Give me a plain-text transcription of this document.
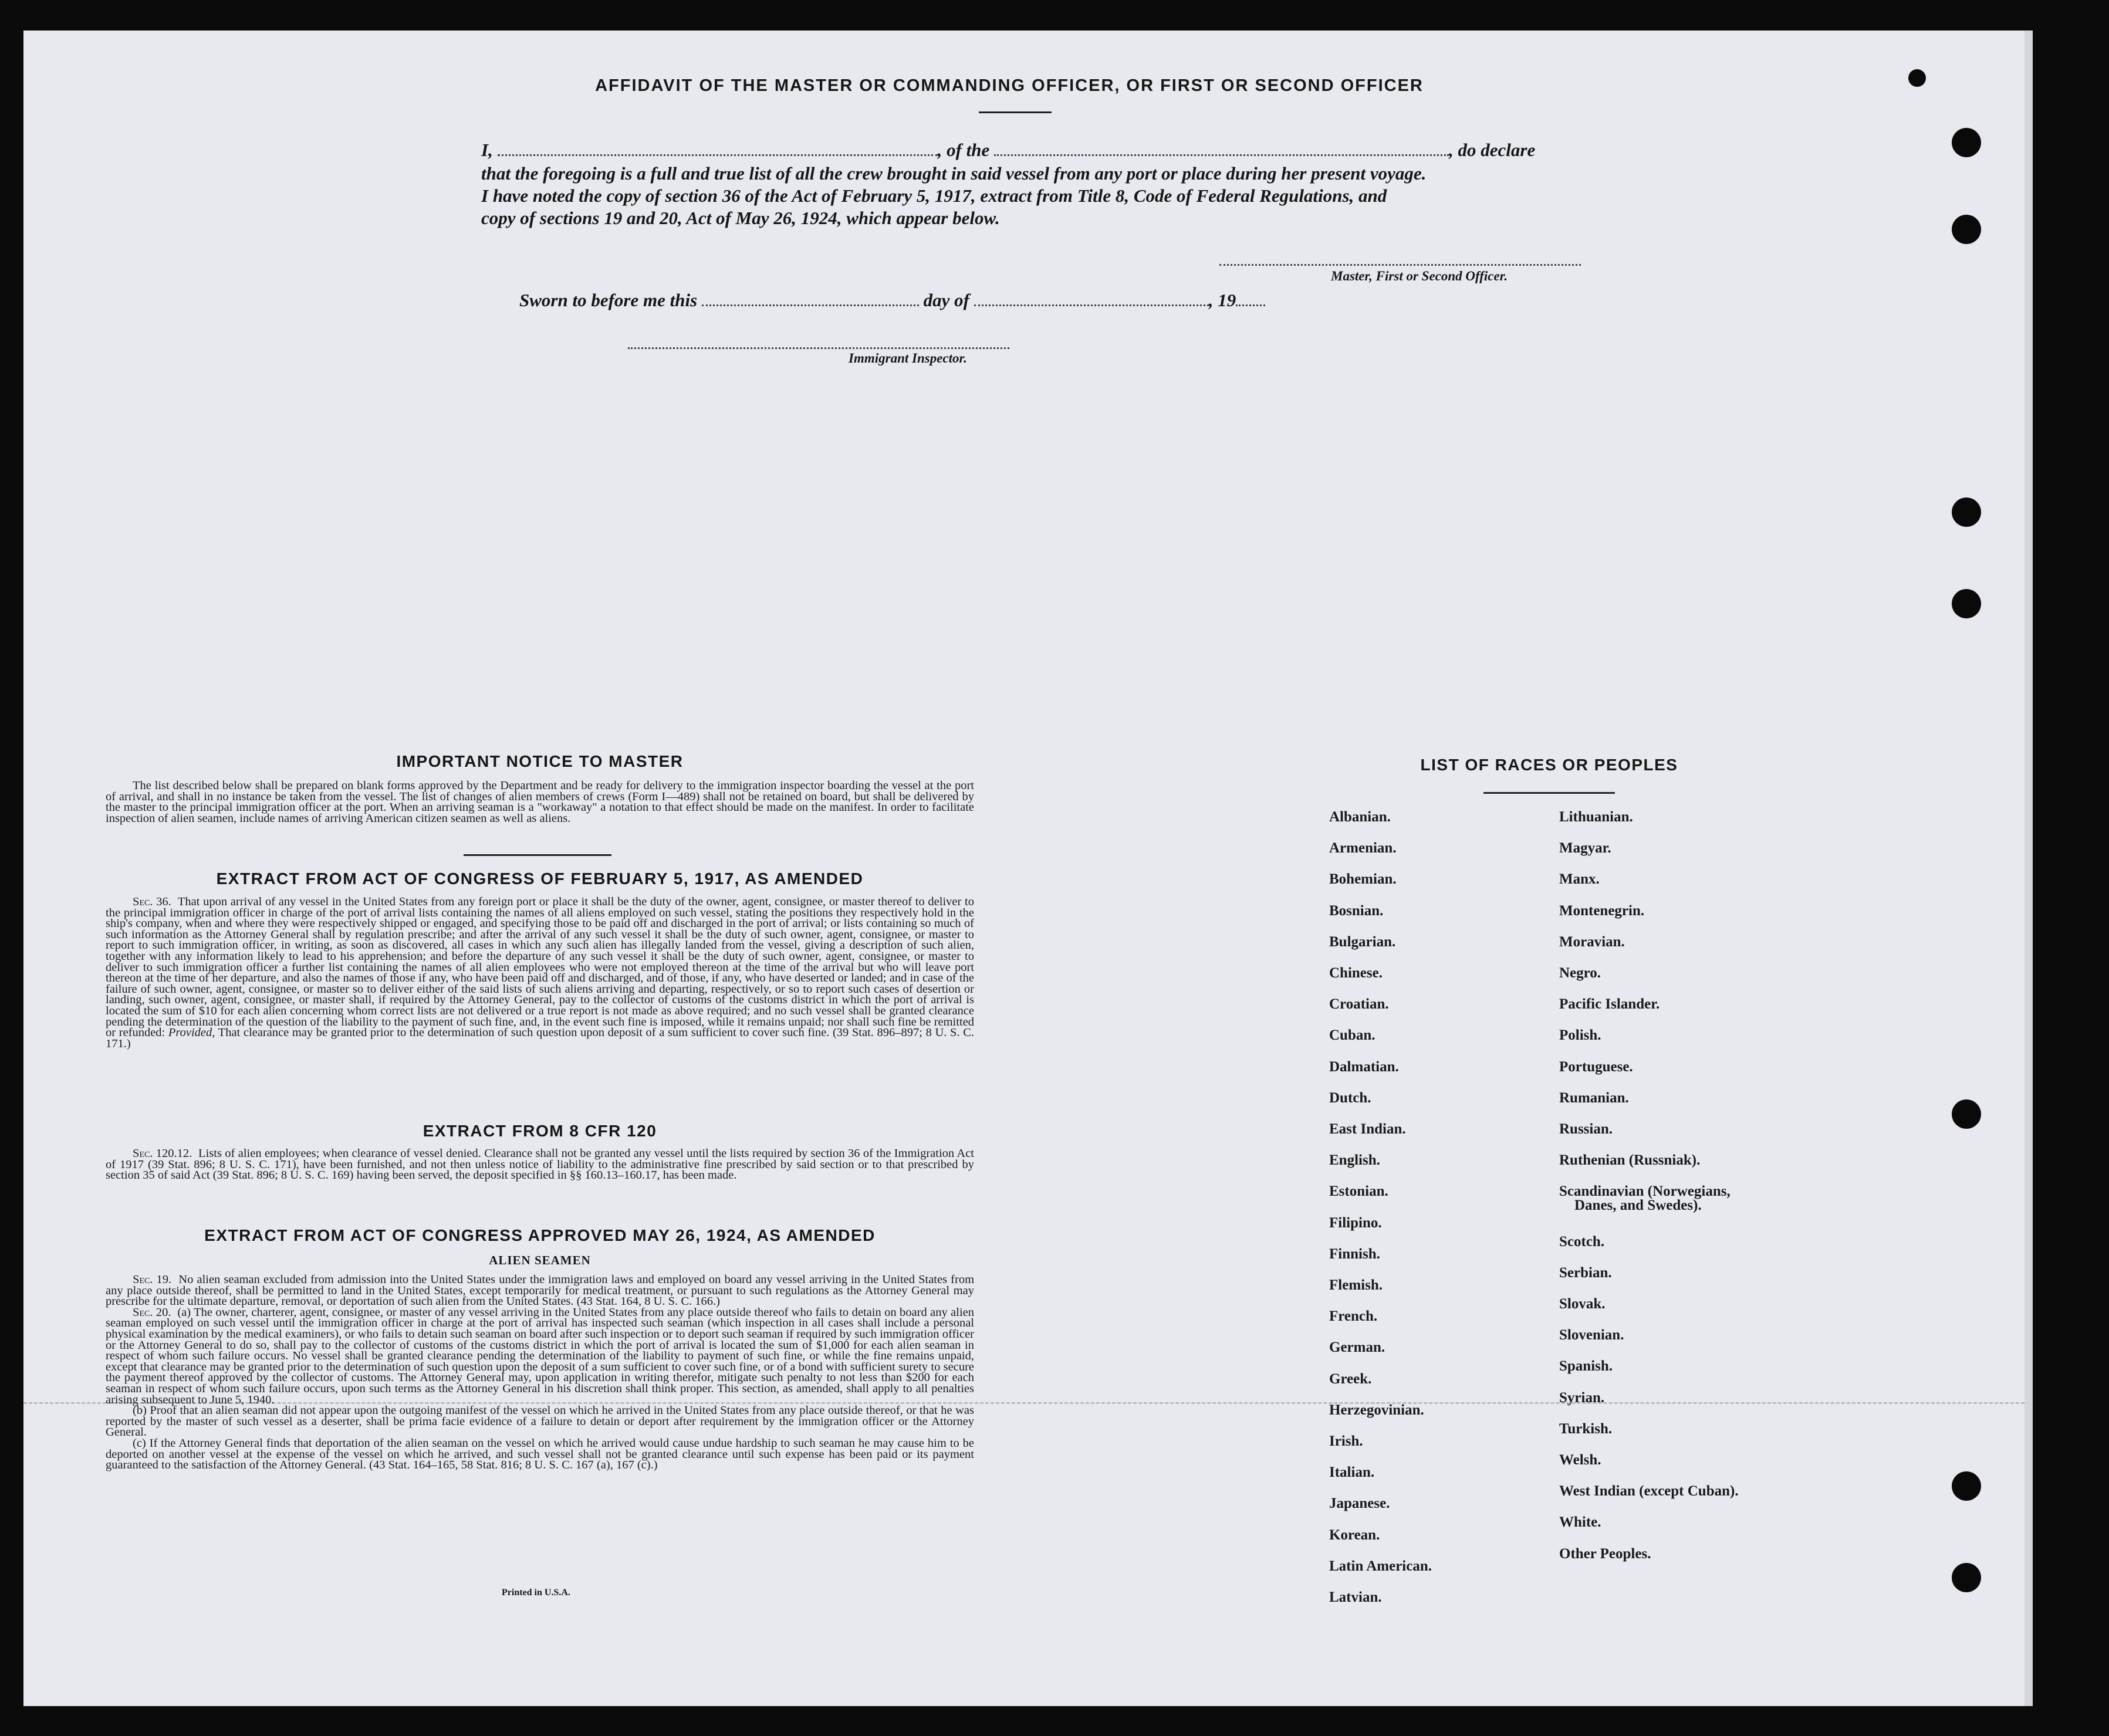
AFFIDAVIT OF THE MASTER OR COMMANDING OFFICER, OR FIRST OR SECOND OFFICER
I,	, of the	, do declare
that the foregoing is a full and true list of all the crew brought in said vessel from any port or place during her present voyage.
I have noted the copy of section 36 of the Act of February 5, 1917, extract from Title 8, Code of Federal Regulations, and
copy of sections 19 and 20, Act of May 26, 1924, which appear below.
Master, First or Second Officer.
Sworn to before me this	day of	, 19
Immigrant Inspector.
IMPORTANT NOTICE TO MASTER

The list described below shall be prepared on blank forms approved by the Department and be ready for delivery to the immigration inspector boarding the vessel at the port of arrival, and shall in no instance be taken from the vessel. The list of changes of alien members of crews (Form I—489) shall not be retained on board, but shall be delivered by the master to the principal immigration officer at the port. When an arriving seaman is a "workaway" a notation to that effect should be made on the manifest. In order to facilitate inspection of alien seamen, include names of arriving American citizen seamen as well as aliens.

EXTRACT FROM ACT OF CONGRESS OF FEBRUARY 5, 1917, AS AMENDED

Sec. 36. That upon arrival of any vessel in the United States from any foreign port or place it shall be the duty of the owner, agent, consignee, or master thereof to deliver to the principal immigration officer in charge of the port of arrival lists containing the names of all aliens employed on such vessel, stating the positions they respectively hold in the ship's company, when and where they were respectively shipped or engaged, and specifying those to be paid off and discharged in the port of arrival; or lists containing so much of such information as the Attorney General shall by regulation prescribe; and after the arrival of any such vessel it shall be the duty of such owner, agent, consignee, or master to report to such immigration officer, in writing, as soon as discovered, all cases in which any such alien has illegally landed from the vessel, giving a description of such alien, together with any information likely to lead to his apprehension; and before the departure of any such vessel it shall be the duty of such owner, agent, consignee, or master to deliver to such immigration officer a further list containing the names of all alien employees who were not employed thereon at the time of the arrival but who will leave port thereon at the time of her departure, and also the names of those if any, who have been paid off and discharged, and of those, if any, who have deserted or landed; and in case of the failure of such owner, agent, consignee, or master so to deliver either of the said lists of such aliens arriving and departing, respectively, or so to report such cases of desertion or landing, such owner, agent, consignee, or master shall, if required by the Attorney General, pay to the collector of customs of the customs district in which the port of arrival is located the sum of $10 for each alien concerning whom correct lists are not delivered or a true report is not made as above required; and no such vessel shall be granted clearance pending the determination of the question of the liability to the payment of such fine, and, in the event such fine is imposed, while it remains unpaid; nor shall such fine be remitted or refunded: Provided, That clearance may be granted prior to the determination of such question upon deposit of a sum sufficient to cover such fine. (39 Stat. 896–897; 8 U. S. C. 171.)

EXTRACT FROM 8 CFR 120

Sec. 120.12. Lists of alien employees; when clearance of vessel denied. Clearance shall not be granted any vessel until the lists required by section 36 of the Immigration Act of 1917 (39 Stat. 896; 8 U. S. C. 171), have been furnished, and not then unless notice of liability to the administrative fine prescribed by said section or to that prescribed by section 35 of said Act (39 Stat. 896; 8 U. S. C. 169) having been served, the deposit specified in §§ 160.13–160.17, has been made.

EXTRACT FROM ACT OF CONGRESS APPROVED MAY 26, 1924, AS AMENDED
ALIEN SEAMEN

Sec. 19. No alien seaman excluded from admission into the United States under the immigration laws and employed on board any vessel arriving in the United States from any place outside thereof, shall be permitted to land in the United States, except temporarily for medical treatment, or pursuant to such regulations as the Attorney General may prescribe for the ultimate departure, removal, or deportation of such alien from the United States. (43 Stat. 164, 8 U. S. C. 166.)

Sec. 20. (a) The owner, charterer, agent, consignee, or master of any vessel arriving in the United States from any place outside thereof who fails to detain on board any alien seaman employed on such vessel until the immigration officer in charge at the port of arrival has inspected such seaman (which inspection in all cases shall include a personal physical examination by the medical examiners), or who fails to detain such seaman on board after such inspection or to deport such seaman if required by such immigration officer or the Attorney General to do so, shall pay to the collector of customs of the customs district in which the port of arrival is located the sum of $1,000 for each alien seaman in respect of whom such failure occurs. No vessel shall be granted clearance pending the determination of the liability to payment of such fine, or while the fine remains unpaid, except that clearance may be granted prior to the determination of such question upon the deposit of a sum sufficient to cover such fine, or of a bond with sufficient surety to secure the payment thereof approved by the collector of customs. The Attorney General may, upon application in writing therefor, mitigate such penalty to not less than $200 for each seaman in respect of whom such failure occurs, upon such terms as the Attorney General in his discretion shall think proper. This section, as amended, shall apply to all penalties arising subsequent to June 5, 1940.

(b) Proof that an alien seaman did not appear upon the outgoing manifest of the vessel on which he arrived in the United States from any place outside thereof, or that he was reported by the master of such vessel as a deserter, shall be prima facie evidence of a failure to detain or deport after requirement by the immigration officer or the Attorney General.

(c) If the Attorney General finds that deportation of the alien seaman on the vessel on which he arrived would cause undue hardship to such seaman he may cause him to be deported on another vessel at the expense of the vessel on which he arrived, and such vessel shall not be granted clearance until such expense has been paid or its payment guaranteed to the satisfaction of the Attorney General. (43 Stat. 164–165, 58 Stat. 816; 8 U. S. C. 167 (a), 167 (c).)

Printed in U.S.A.
LIST OF RACES OR PEOPLES
Albanian.
Armenian.
Bohemian.
Bosnian.
Bulgarian.
Chinese.
Croatian.
Cuban.
Dalmatian.
Dutch.
East Indian.
English.
Estonian.
Filipino.
Finnish.
Flemish.
French.
German.
Greek.
Herzegovinian.
Irish.
Italian.
Japanese.
Korean.
Latin American.
Latvian.
Lithuanian.
Magyar.
Manx.
Montenegrin.
Moravian.
Negro.
Pacific Islander.
Polish.
Portuguese.
Rumanian.
Russian.
Ruthenian (Russniak).
Scandinavian (Norwegians,
Danes, and Swedes).
Scotch.
Serbian.
Slovak.
Slovenian.
Spanish.
Syrian.
Turkish.
Welsh.
West Indian (except Cuban).
White.
Other Peoples.
